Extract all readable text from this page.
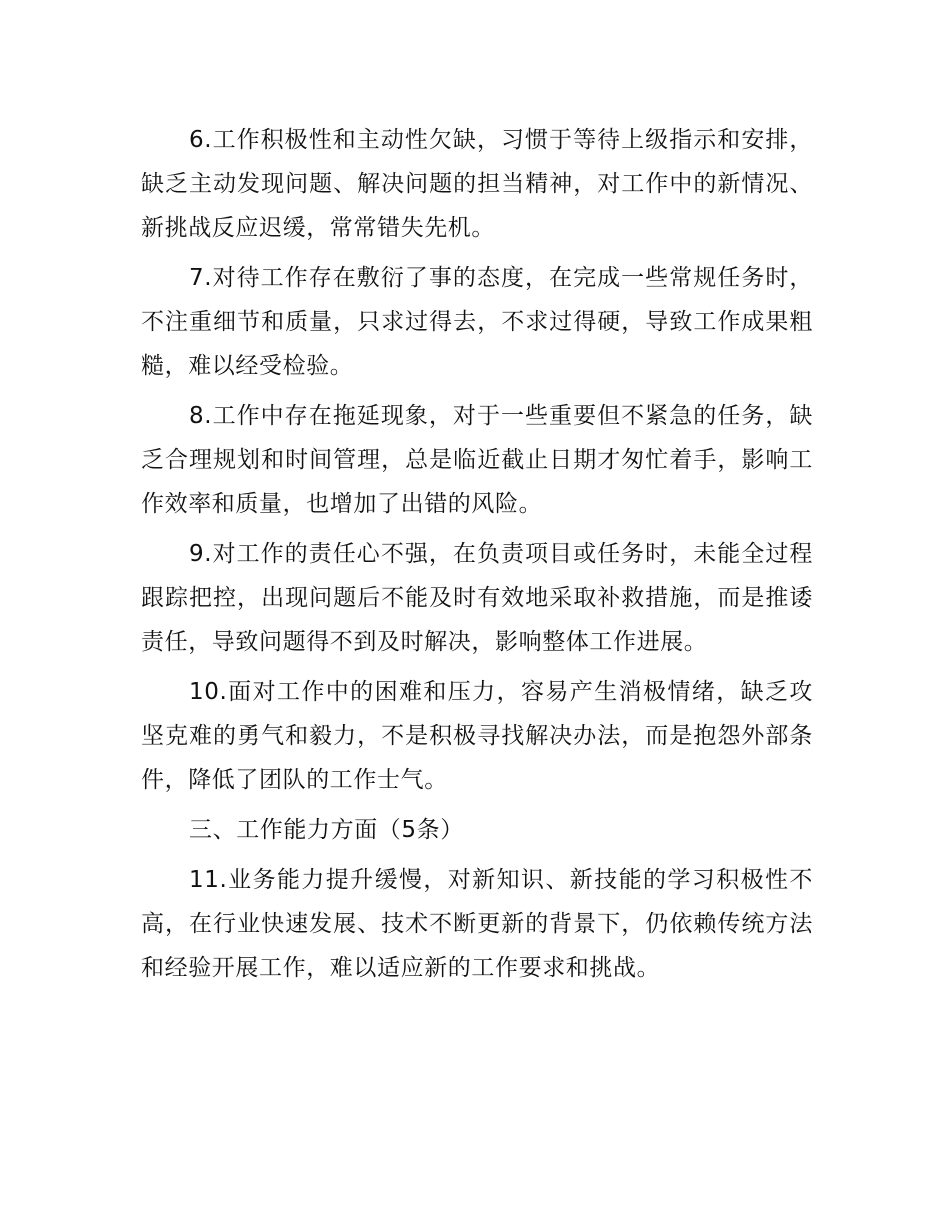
6.工作积极性和主动性欠缺，习惯于等待上级指示和安排，缺乏主动发现问题、解决问题的担当精神，对工作中的新情况、新挑战反应迟缓，常常错失先机。

7.对待工作存在敷衍了事的态度，在完成一些常规任务时，不注重细节和质量，只求过得去，不求过得硬，导致工作成果粗糙，难以经受检验。

8.工作中存在拖延现象，对于一些重要但不紧急的任务，缺乏合理规划和时间管理，总是临近截止日期才匆忙着手，影响工作效率和质量，也增加了出错的风险。

9.对工作的责任心不强，在负责项目或任务时，未能全过程跟踪把控，出现问题后不能及时有效地采取补救措施，而是推诿责任，导致问题得不到及时解决，影响整体工作进展。

10.面对工作中的困难和压力，容易产生消极情绪，缺乏攻坚克难的勇气和毅力，不是积极寻找解决办法，而是抱怨外部条件，降低了团队的工作士气。

三、工作能力方面（5条）

11.业务能力提升缓慢，对新知识、新技能的学习积极性不高，在行业快速发展、技术不断更新的背景下，仍依赖传统方法和经验开展工作，难以适应新的工作要求和挑战。
